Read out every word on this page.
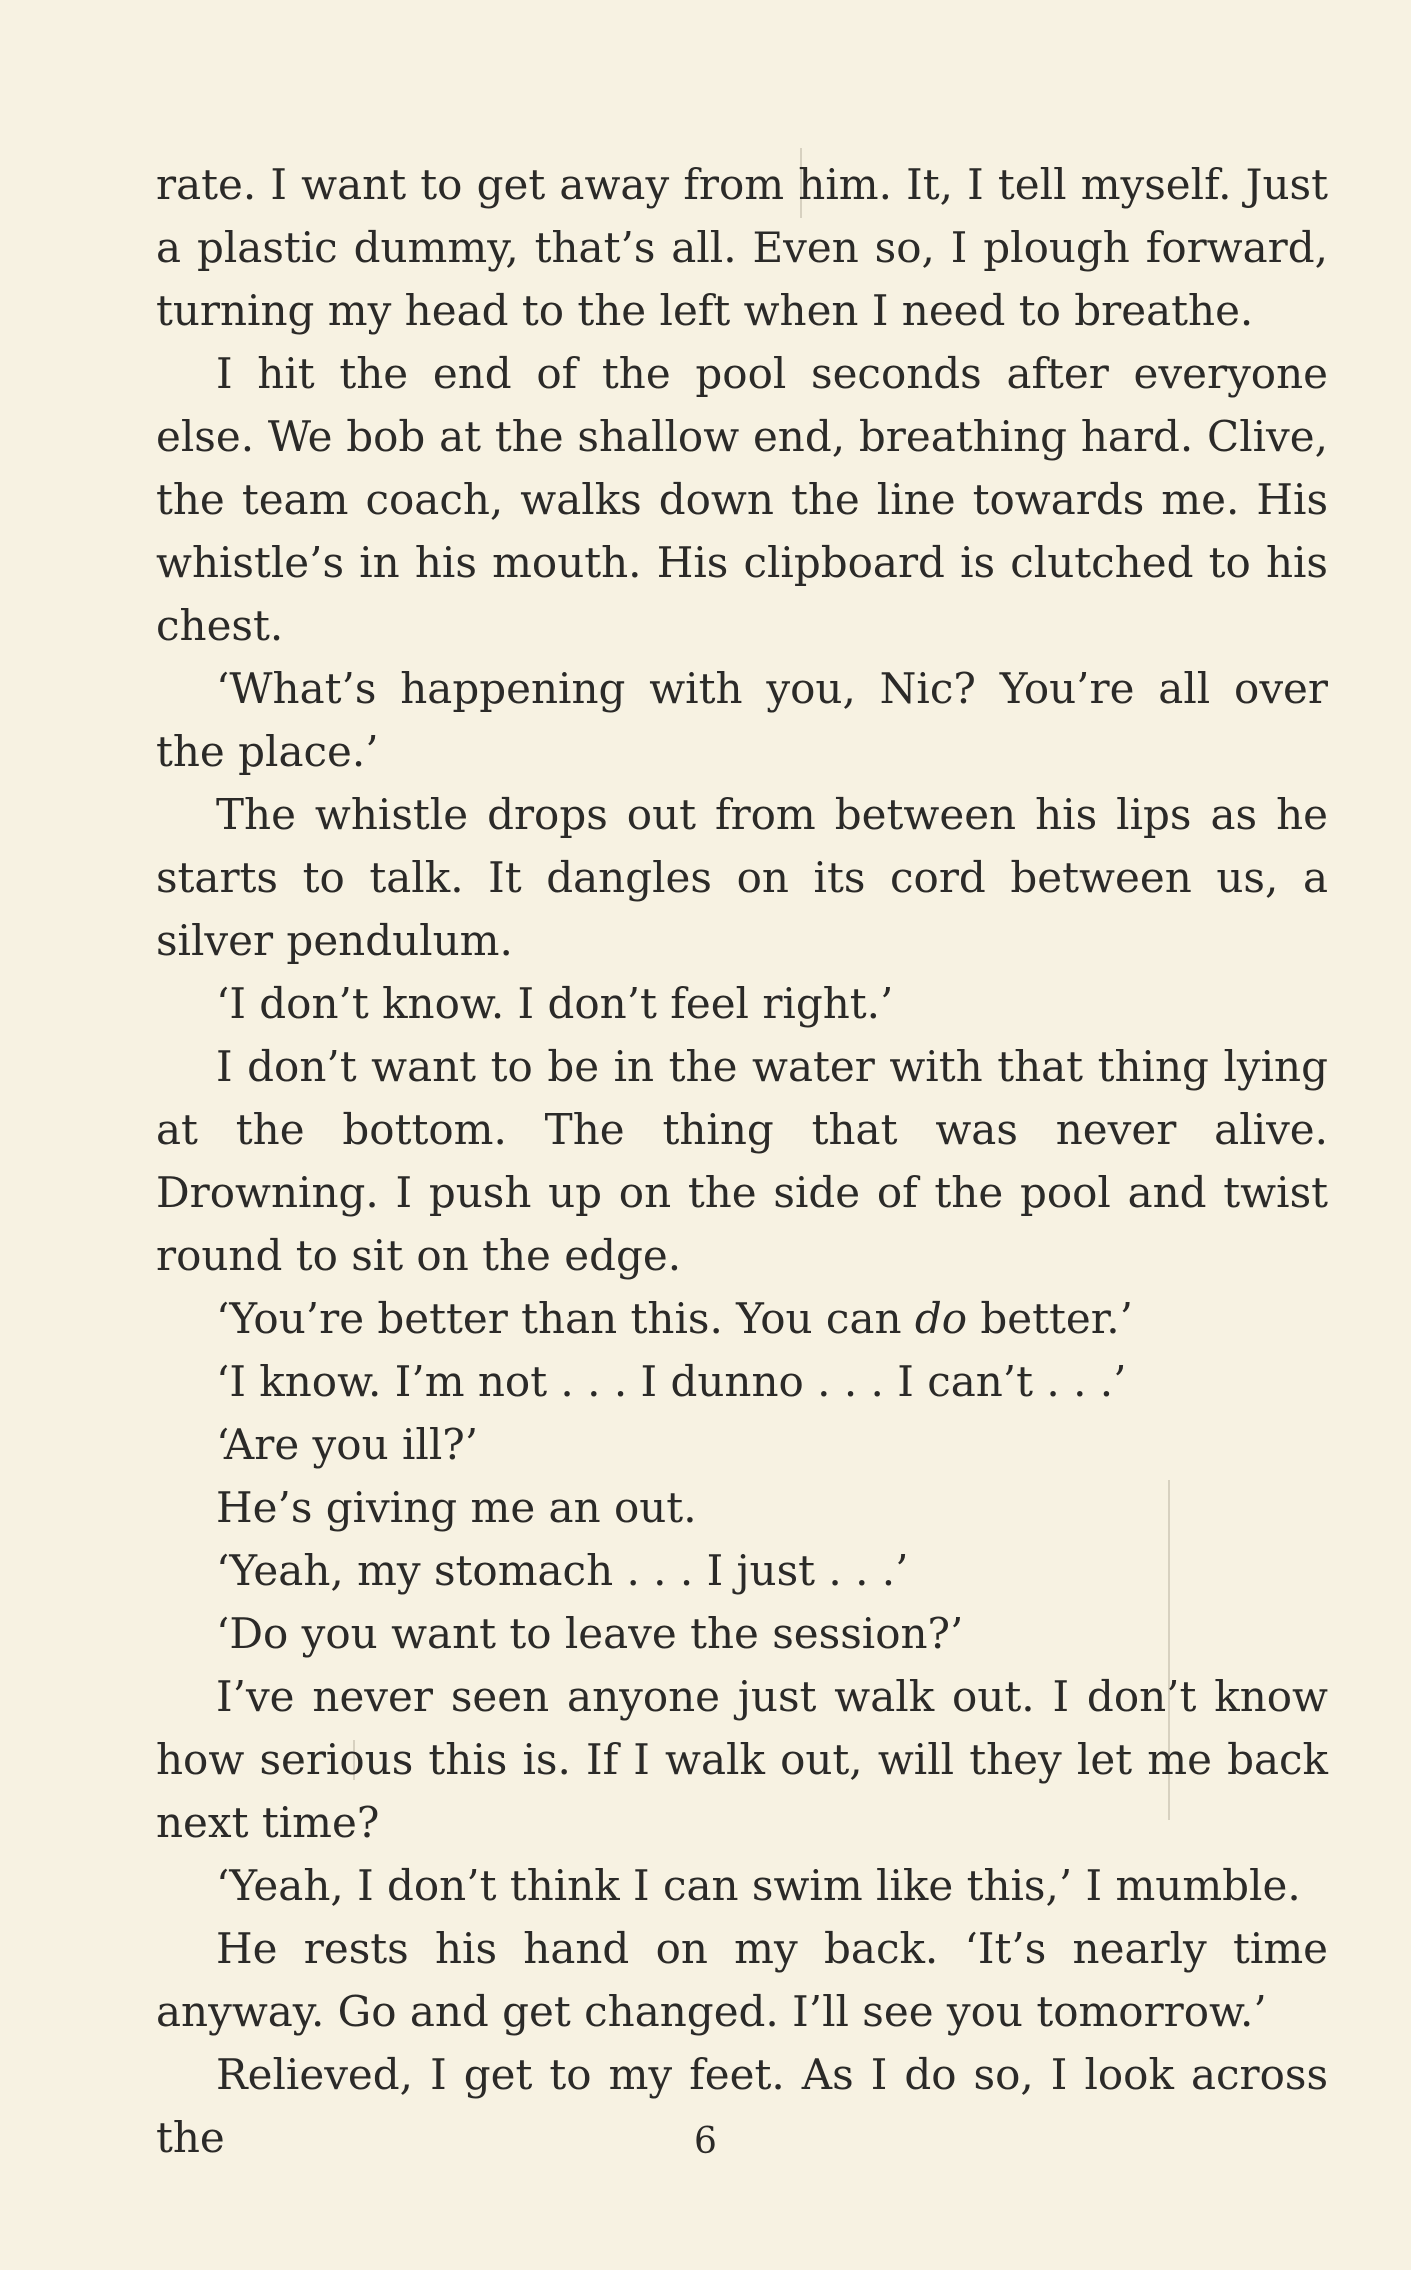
rate. I want to get away from him. It, I tell myself. Just a plastic dummy, that’s all. Even so, I plough forward, turning my head to the left when I need to breathe.

I hit the end of the pool seconds after everyone else. We bob at the shallow end, breathing hard. Clive, the team coach, walks down the line towards me. His whistle’s in his mouth. His clipboard is clutched to his chest.

‘What’s happening with you, Nic? You’re all over the place.’

The whistle drops out from between his lips as he starts to talk. It dangles on its cord between us, a silver pendulum.

‘I don’t know. I don’t feel right.’

I don’t want to be in the water with that thing lying at the bottom. The thing that was never alive. Drowning. I push up on the side of the pool and twist round to sit on the edge.

‘You’re better than this. You can do better.’

‘I know. I’m not . . . I dunno . . . I can’t . . .’

‘Are you ill?’

He’s giving me an out.

‘Yeah, my stomach . . . I just . . .’

‘Do you want to leave the session?’

I’ve never seen anyone just walk out. I don’t know how serious this is. If I walk out, will they let me back next time?

‘Yeah, I don’t think I can swim like this,’ I mumble.

He rests his hand on my back. ‘It’s nearly time anyway. Go and get changed. I’ll see you tomorrow.’

Relieved, I get to my feet. As I do so, I look across the	6
